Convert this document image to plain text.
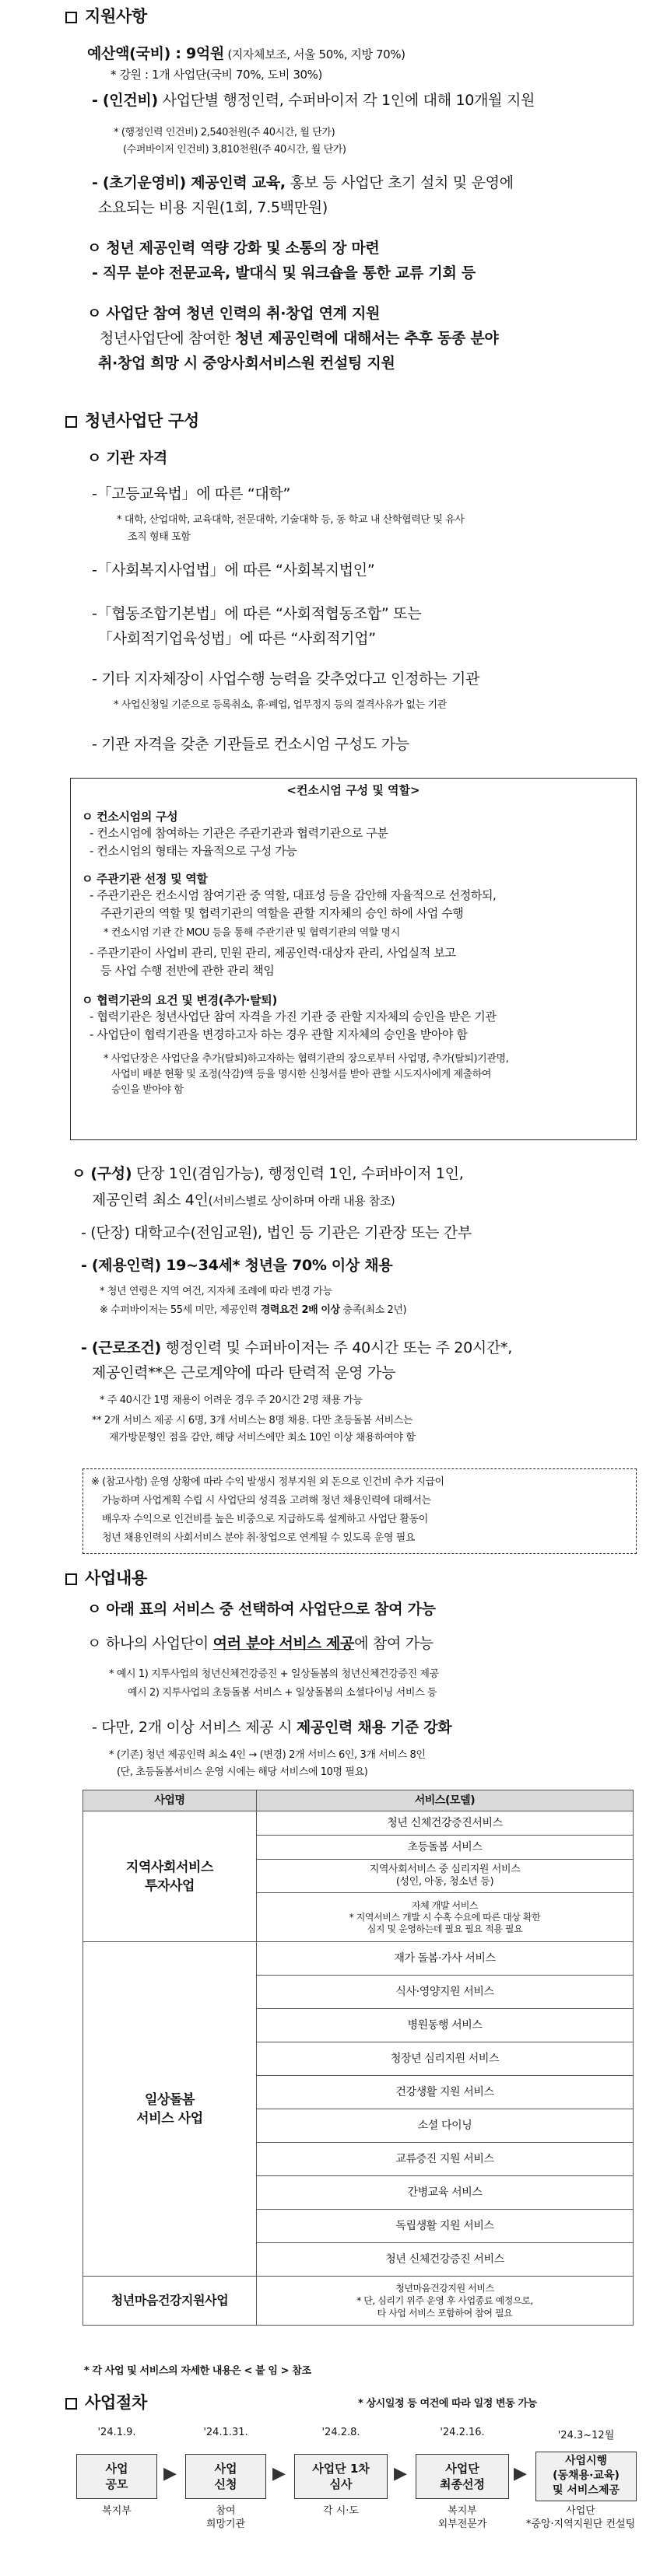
지원사항
예산액(국비) : 9억원 (지자체보조, 서울 50%, 지방 70%)
* 강원 : 1개 사업단(국비 70%, 도비 30%)
- (인건비) 사업단별 행정인력, 수퍼바이저 각 1인에 대해 10개월 지원
* (행정인력 인건비) 2,540천원(주 40시간, 월 단가)
(수퍼바이저 인건비) 3,810천원(주 40시간, 월 단가)
- (초기운영비) 제공인력 교육, 홍보 등 사업단 초기 설치 및 운영에
소요되는 비용 지원(1회, 7.5백만원)
ㅇ 청년 제공인력 역량 강화 및 소통의 장 마련
- 직무 분야 전문교육, 발대식 및 워크숍을 통한 교류 기회 등
ㅇ 사업단 참여 청년 인력의 취·창업 연계 지원
청년사업단에 참여한 청년 제공인력에 대해서는 추후 동종 분야
취·창업 희망 시 중앙사회서비스원 컨설팅 지원
청년사업단 구성
ㅇ 기관 자격
-「고등교육법」에 따른 “대학”
* 대학, 산업대학, 교육대학, 전문대학, 기술대학 등, 동 학교 내 산학협력단 및 유사
조직 형태 포함
-「사회복지사업법」에 따른 “사회복지법인”
-「협동조합기본법」에 따른 “사회적협동조합” 또는
「사회적기업육성법」에 따른 “사회적기업”
- 기타 지자체장이 사업수행 능력을 갖추었다고 인정하는 기관
* 사업신청일 기준으로 등록취소, 휴·폐업, 업무정지 등의 결격사유가 없는 기관
- 기관 자격을 갖춘 기관들로 컨소시엄 구성도 가능
<컨소시엄 구성 및 역할>
ㅇ 컨소시엄의 구성
- 컨소시엄에 참여하는 기관은 주관기관과 협력기관으로 구분
- 컨소시엄의 형태는 자율적으로 구성 가능
ㅇ 주관기관 선정 및 역할
- 주관기관은 컨소시엄 참여기관 중 역할, 대표성 등을 감안해 자율적으로 선정하되,
주관기관의 역할 및 협력기관의 역할을 관할 지자체의 승인 하에 사업 수행
* 컨소시엄 기관 간 MOU 등을 통해 주관기관 및 협력기관의 역할 명시
- 주관기관이 사업비 관리, 민원 관리, 제공인력·대상자 관리, 사업실적 보고
등 사업 수행 전반에 관한 관리 책임
ㅇ 협력기관의 요건 및 변경(추가·탈퇴)
- 협력기관은 청년사업단 참여 자격을 가진 기관 중 관할 지자체의 승인을 받은 기관
- 사업단이 협력기관을 변경하고자 하는 경우 관할 지자체의 승인을 받아야 함
* 사업단장은 사업단을 추가(탈퇴)하고자하는 협력기관의 장으로부터 사업명, 추가(탈퇴)기관명,
사업비 배분 현황 및 조정(삭감)액 등을 명시한 신청서를 받아 관할 시도지사에게 제출하여
승인을 받아야 함
ㅇ (구성) 단장 1인(겸임가능), 행정인력 1인, 수퍼바이저 1인,
제공인력 최소 4인(서비스별로 상이하며 아래 내용 참조)
- (단장) 대학교수(전임교원), 법인 등 기관은 기관장 또는 간부
- (제용인력) 19~34세* 청년을 70% 이상 채용
* 청년 연령은 지역 여건, 지자체 조례에 따라 변경 가능
※ 수퍼바이저는 55세 미만, 제공인력 경력요건 2배 이상 충족(최소 2년)
- (근로조건) 행정인력 및 수퍼바이저는 주 40시간 또는 주 20시간*,
제공인력**은 근로계약에 따라 탄력적 운영 가능
* 주 40시간 1명 채용이 어려운 경우 주 20시간 2명 채용 가능
** 2개 서비스 제공 시 6명, 3개 서비스는 8명 채용. 다만 초등돌봄 서비스는
재가방문형인 점을 감안, 해당 서비스에만 최소 10인 이상 채용하여야 함
※ (참고사항) 운영 상황에 따라 수익 발생시 정부지원 외 돈으로 인건비 추가 지급이
가능하며 사업계획 수립 시 사업단의 성격을 고려해 청년 채용인력에 대해서는
배우자 수익으로 인건비를 높은 비중으로 지급하도록 설계하고 사업단 활동이
청년 채용인력의 사회서비스 분야 취·창업으로 연계될 수 있도록 운영 필요
사업내용
ㅇ 아래 표의 서비스 중 선택하여 사업단으로 참여 가능
ㅇ 하나의 사업단이 여러 분야 서비스 제공에 참여 가능
* 예시 1) 지투사업의 청년신체건강증진 + 일상돌봄의 청년신체건강증진 제공
예시 2) 지투사업의 초등돌봄 서비스 + 일상돌봄의 소셜다이닝 서비스 등
- 다만, 2개 이상 서비스 제공 시 제공인력 채용 기준 강화
* (기존) 청년 제공인력 최소 4인 → (변경) 2개 서비스 6인, 3개 서비스 8인
(단, 초등돌봄서비스 운영 시에는 해당 서비스에 10명 필요)
사업명	서비스(모델)
지역사회서비스
투자사업	청년 신체건강증진서비스
	초등돌봄 서비스
	지역사회서비스 중 심리지원 서비스
(성인, 아동, 청소년 등)
	자체 개발 서비스
* 지역서비스 개발 시 수혹 수요에 따른 대상 확한
심지 및 운영하는데 필요 필요 적용 필요
일상돌봄
서비스 사업	재가 돌봄·가사 서비스
	식사·영양지원 서비스
	병원동행 서비스
	청장년 심리지원 서비스
	건강생활 지원 서비스
	소셜 다이닝
	교류증진 지원 서비스
	간병교육 서비스
	독립생활 지원 서비스
	청년 신체건강증진 서비스
청년마음건강지원사업	청년마음건강지원 서비스
* 단, 심리기 위주 운영 후 사업종료 예정으로,
타 사업 서비스 포함하여 참여 필요
* 각 사업 및 서비스의 자세한 내용은 < 붙 임 > 참조
사업절차	* 상시일정 등 여건에 따라 일정 변동 가능
'24.1.9.	'24.1.31.	'24.2.8.	'24.2.16.	'24.3~12월
사업
공모
▶	사업
신청
▶	사업단 1차
심사
▶	사업단
최종선정
▶
사업시행
(동채용·교육)
및 서비스제공
복지부	참여
희망기관
각 시·도	복지부
외부전문가
사업단
*중앙·지역지원단 컨설팅
